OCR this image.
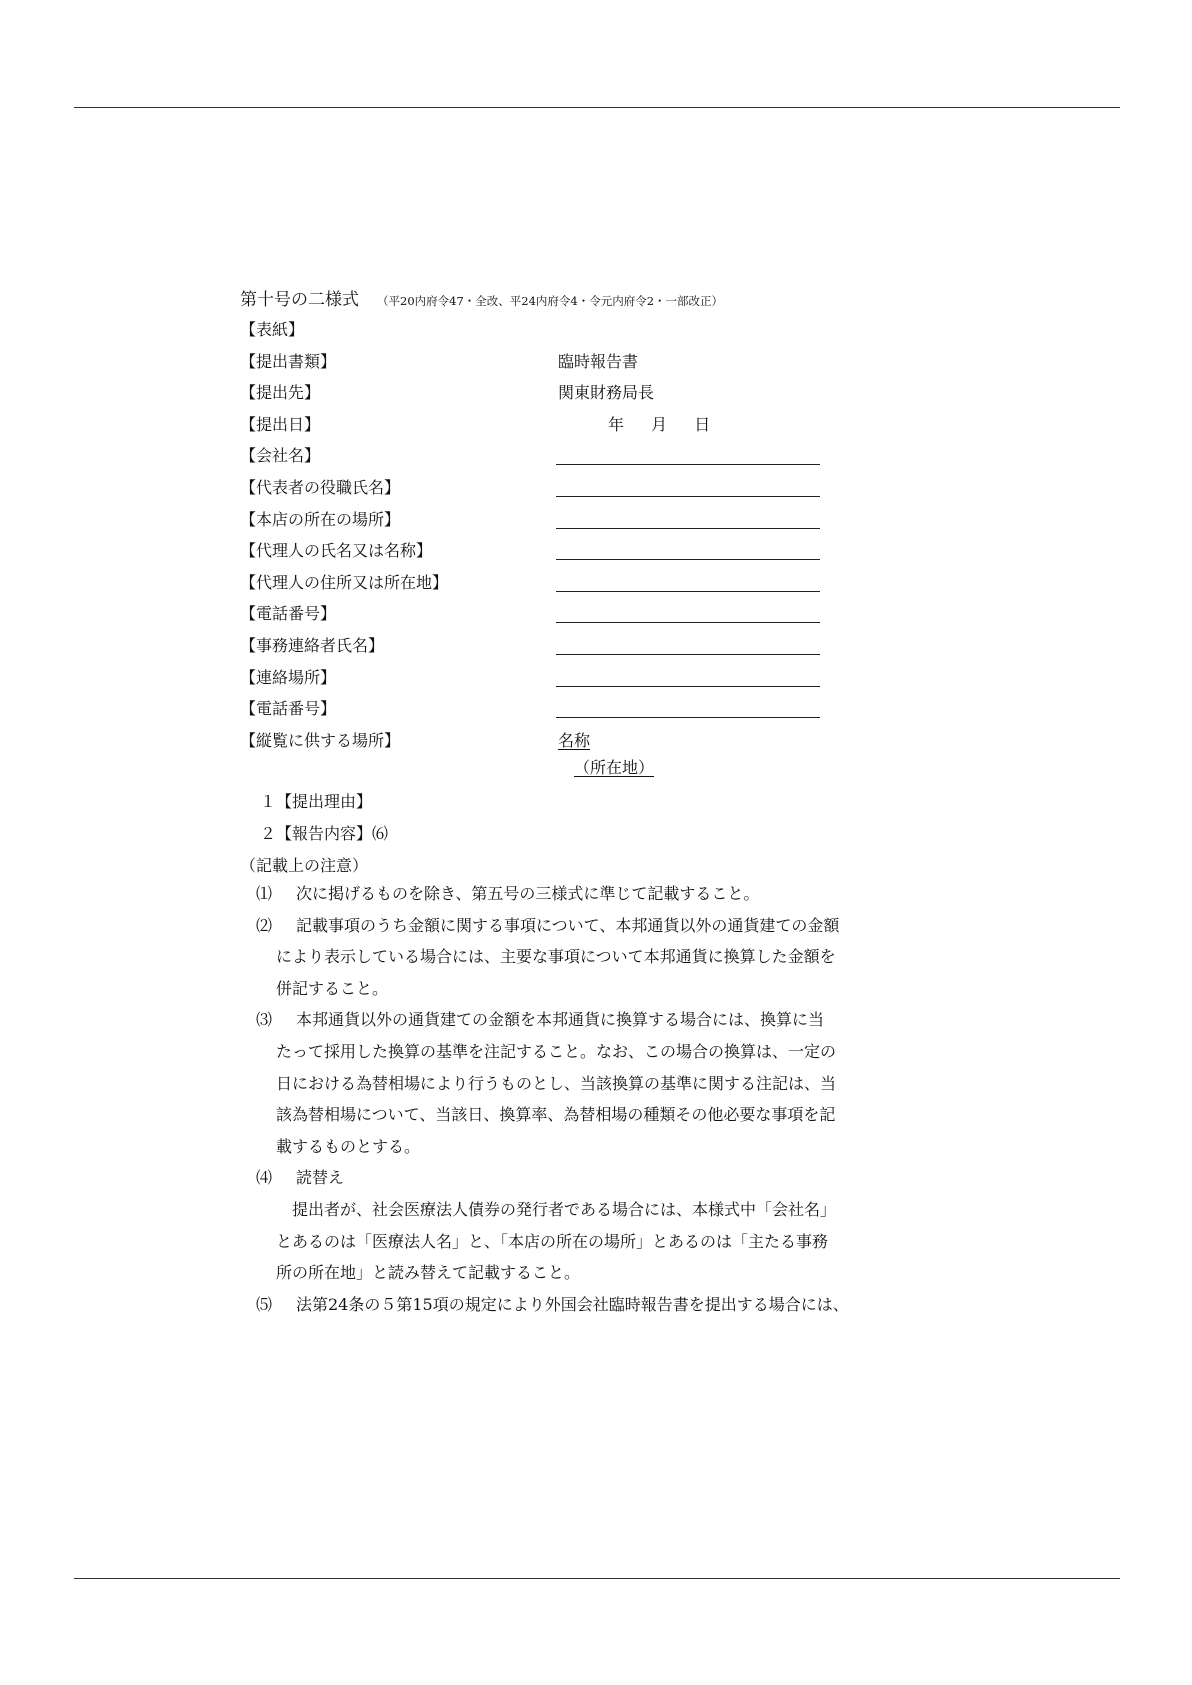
第十号の二様式 （平20内府令47・全改、平24内府令4・令元内府令2・一部改正）
【表紙】
【提出書類】	臨時報告書
【提出先】	関東財務局長
【提出日】	年 月 日
【会社名】
【代表者の役職氏名】
【本店の所在の場所】
【代理人の氏名又は名称】
【代理人の住所又は所在地】
【電話番号】
【事務連絡者氏名】
【連絡場所】
【電話番号】
【縦覧に供する場所】	名称
（所在地）
１【提出理由】
２【報告内容】⑹
（記載上の注意）
⑴ 次に掲げるものを除き、第五号の三様式に準じて記載すること。
⑵ 記載事項のうち金額に関する事項について、本邦通貨以外の通貨建ての金額
により表示している場合には、主要な事項について本邦通貨に換算した金額を
併記すること。
⑶ 本邦通貨以外の通貨建ての金額を本邦通貨に換算する場合には、換算に当
たって採用した換算の基準を注記すること。なお、この場合の換算は、一定の
日における為替相場により行うものとし、当該換算の基準に関する注記は、当
該為替相場について、当該日、換算率、為替相場の種類その他必要な事項を記
載するものとする。
⑷ 読替え
提出者が、社会医療法人債券の発行者である場合には、本様式中「会社名」
とあるのは「医療法人名」と、「本店の所在の場所」とあるのは「主たる事務
所の所在地」と読み替えて記載すること。
⑸ 法第24条の５第15項の規定により外国会社臨時報告書を提出する場合には、
